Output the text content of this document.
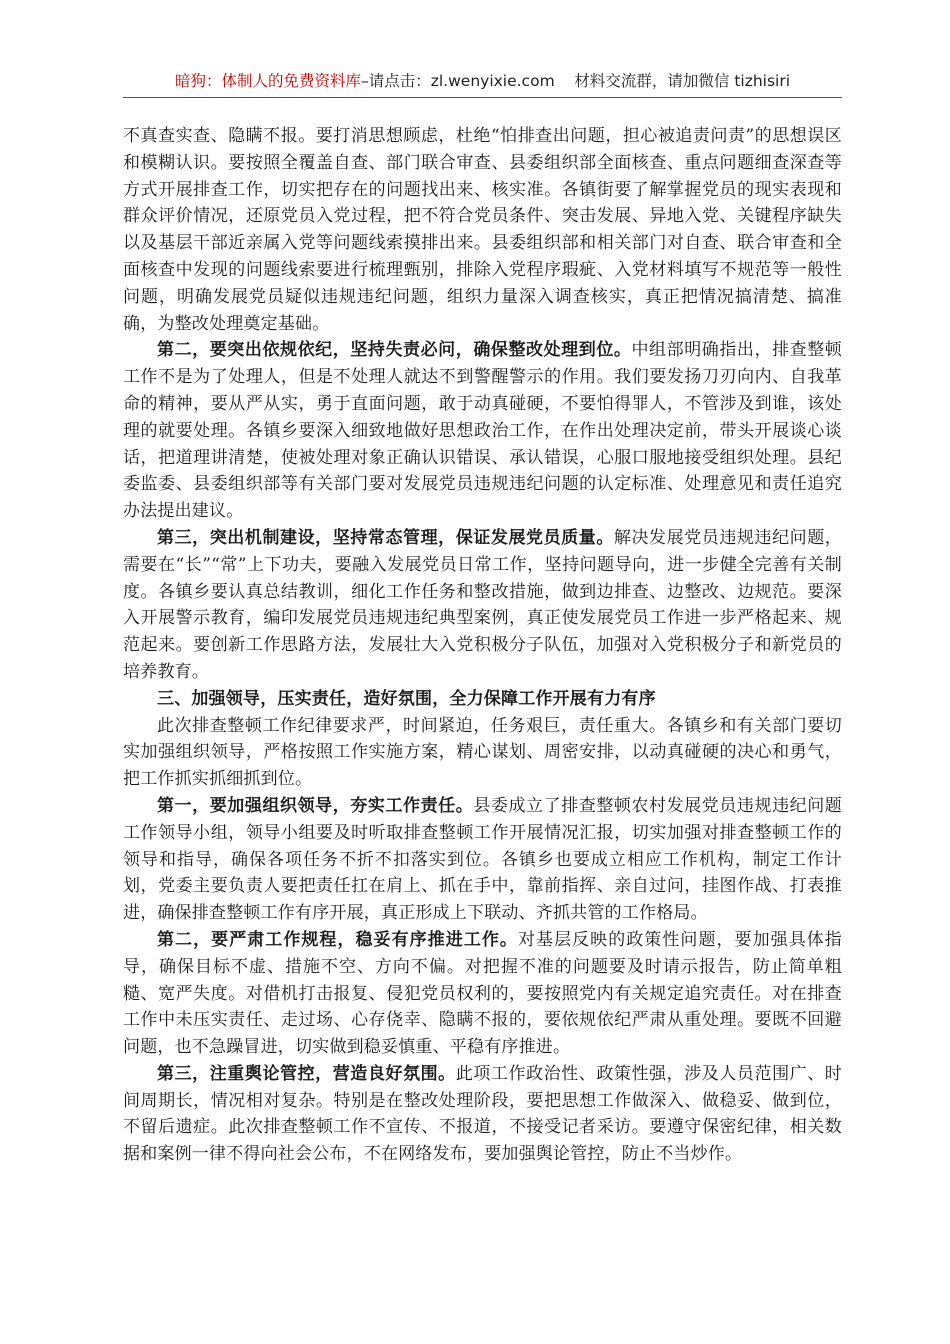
暗狗：体制人的免费资料库–请点击：zl.wenyixie.com 材料交流群，请加微信 tizhisiri

不真查实查、隐瞒不报。要打消思想顾虑，杜绝“怕排查出问题，担心被追责问责”的思想误区和模糊认识。要按照全覆盖自查、部门联合审查、县委组织部全面核查、重点问题细查深查等方式开展排查工作，切实把存在的问题找出来、核实准。各镇街要了解掌握党员的现实表现和群众评价情况，还原党员入党过程，把不符合党员条件、突击发展、异地入党、关键程序缺失以及基层干部近亲属入党等问题线索摸排出来。县委组织部和相关部门对自查、联合审查和全面核查中发现的问题线索要进行梳理甄别，排除入党程序瑕疵、入党材料填写不规范等一般性问题，明确发展党员疑似违规违纪问题，组织力量深入调查核实，真正把情况搞清楚、搞准确，为整改处理奠定基础。

第二，要突出依规依纪，坚持失责必问，确保整改处理到位。中组部明确指出，排查整顿工作不是为了处理人，但是不处理人就达不到警醒警示的作用。我们要发扬刀刃向内、自我革命的精神，要从严从实，勇于直面问题，敢于动真碰硬，不要怕得罪人，不管涉及到谁，该处理的就要处理。各镇乡要深入细致地做好思想政治工作，在作出处理决定前，带头开展谈心谈话，把道理讲清楚，使被处理对象正确认识错误、承认错误，心服口服地接受组织处理。县纪委监委、县委组织部等有关部门要对发展党员违规违纪问题的认定标准、处理意见和责任追究办法提出建议。

第三，突出机制建设，坚持常态管理，保证发展党员质量。解决发展党员违规违纪问题，需要在“长”“常”上下功夫，要融入发展党员日常工作，坚持问题导向，进一步健全完善有关制度。各镇乡要认真总结教训，细化工作任务和整改措施，做到边排查、边整改、边规范。要深入开展警示教育，编印发展党员违规违纪典型案例，真正使发展党员工作进一步严格起来、规范起来。要创新工作思路方法，发展壮大入党积极分子队伍，加强对入党积极分子和新党员的培养教育。

三、加强领导，压实责任，造好氛围，全力保障工作开展有力有序

此次排查整顿工作纪律要求严，时间紧迫，任务艰巨，责任重大。各镇乡和有关部门要切实加强组织领导，严格按照工作实施方案，精心谋划、周密安排，以动真碰硬的决心和勇气，把工作抓实抓细抓到位。

第一，要加强组织领导，夯实工作责任。县委成立了排查整顿农村发展党员违规违纪问题工作领导小组，领导小组要及时听取排查整顿工作开展情况汇报，切实加强对排查整顿工作的领导和指导，确保各项任务不折不扣落实到位。各镇乡也要成立相应工作机构，制定工作计划，党委主要负责人要把责任扛在肩上、抓在手中，靠前指挥、亲自过问，挂图作战、打表推进，确保排查整顿工作有序开展，真正形成上下联动、齐抓共管的工作格局。

第二，要严肃工作规程，稳妥有序推进工作。对基层反映的政策性问题，要加强具体指导，确保目标不虚、措施不空、方向不偏。对把握不准的问题要及时请示报告，防止简单粗糙、宽严失度。对借机打击报复、侵犯党员权利的，要按照党内有关规定追究责任。对在排查工作中未压实责任、走过场、心存侥幸、隐瞒不报的，要依规依纪严肃从重处理。要既不回避问题，也不急躁冒进，切实做到稳妥慎重、平稳有序推进。

第三，注重舆论管控，营造良好氛围。此项工作政治性、政策性强，涉及人员范围广、时间周期长，情况相对复杂。特别是在整改处理阶段，要把思想工作做深入、做稳妥、做到位，不留后遗症。此次排查整顿工作不宣传、不报道，不接受记者采访。要遵守保密纪律，相关数据和案例一律不得向社会公布，不在网络发布，要加强舆论管控，防止不当炒作。
